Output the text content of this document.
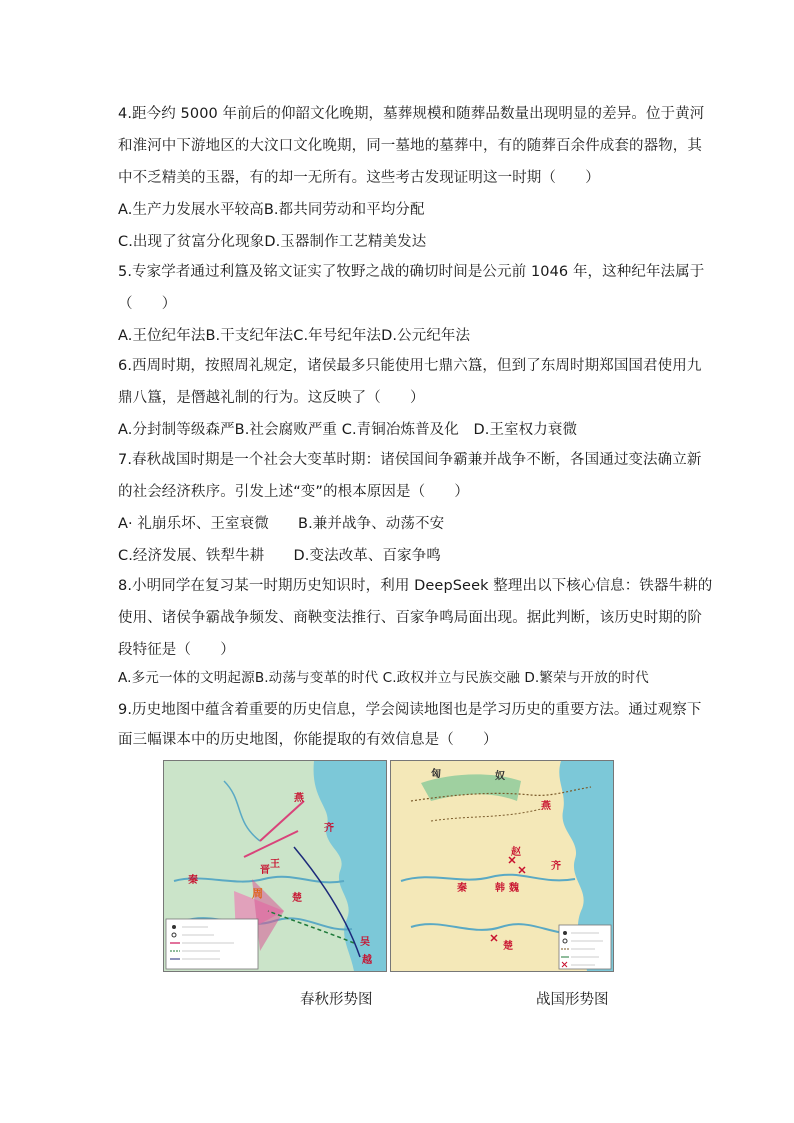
4.距今约 5000 年前后的仰韶文化晚期，墓葬规模和随葬品数量出现明显的差异。位于黄河
和淮河中下游地区的大汶口文化晚期，同一墓地的墓葬中，有的随葬百余件成套的器物，其
中不乏精美的玉器，有的却一无所有。这些考古发现证明这一时期（　　）
A.生产力发展水平较高B.都共同劳动和平均分配
C.出现了贫富分化现象D.玉器制作工艺精美发达
5.专家学者通过利簋及铭文证实了牧野之战的确切时间是公元前 1046 年，这种纪年法属于
（　　）
A.王位纪年法B.干支纪年法C.年号纪年法D.公元纪年法
6.西周时期，按照周礼规定，诸侯最多只能使用七鼎六簋，但到了东周时期郑国国君使用九
鼎八簋，是僭越礼制的行为。这反映了（　　）
A.分封制等级森严B.社会腐败严重 C.青铜冶炼普及化　D.王室权力衰微
7.春秋战国时期是一个社会大变革时期：诸侯国间争霸兼并战争不断，各国通过变法确立新
的社会经济秩序。引发上述“变”的根本原因是（　　）
A· 礼崩乐坏、王室衰微　　B.兼并战争、动荡不安
C.经济发展、铁犁牛耕　　D.变法改革、百家争鸣
8.小明同学在复习某一时期历史知识时，利用 DeepSeek 整理出以下核心信息：铁器牛耕的
使用、诸侯争霸战争频发、商鞅变法推行、百家争鸣局面出现。据此判断，该历史时期的阶
段特征是（　　）
A.多元一体的文明起源B.动荡与变革的时代 C.政权并立与民族交融 D.繁荣与开放的时代
9.历史地图中蕴含着重要的历史信息，学会阅读地图也是学习历史的重要方法。通过观察下
面三幅课本中的历史地图，你能提取的有效信息是（　　）
燕
齐
晋
秦
周	楚
吴
越
王
匈	奴
燕
赵
齐
魏
韩
秦
楚
春秋形势图	战国形势图
